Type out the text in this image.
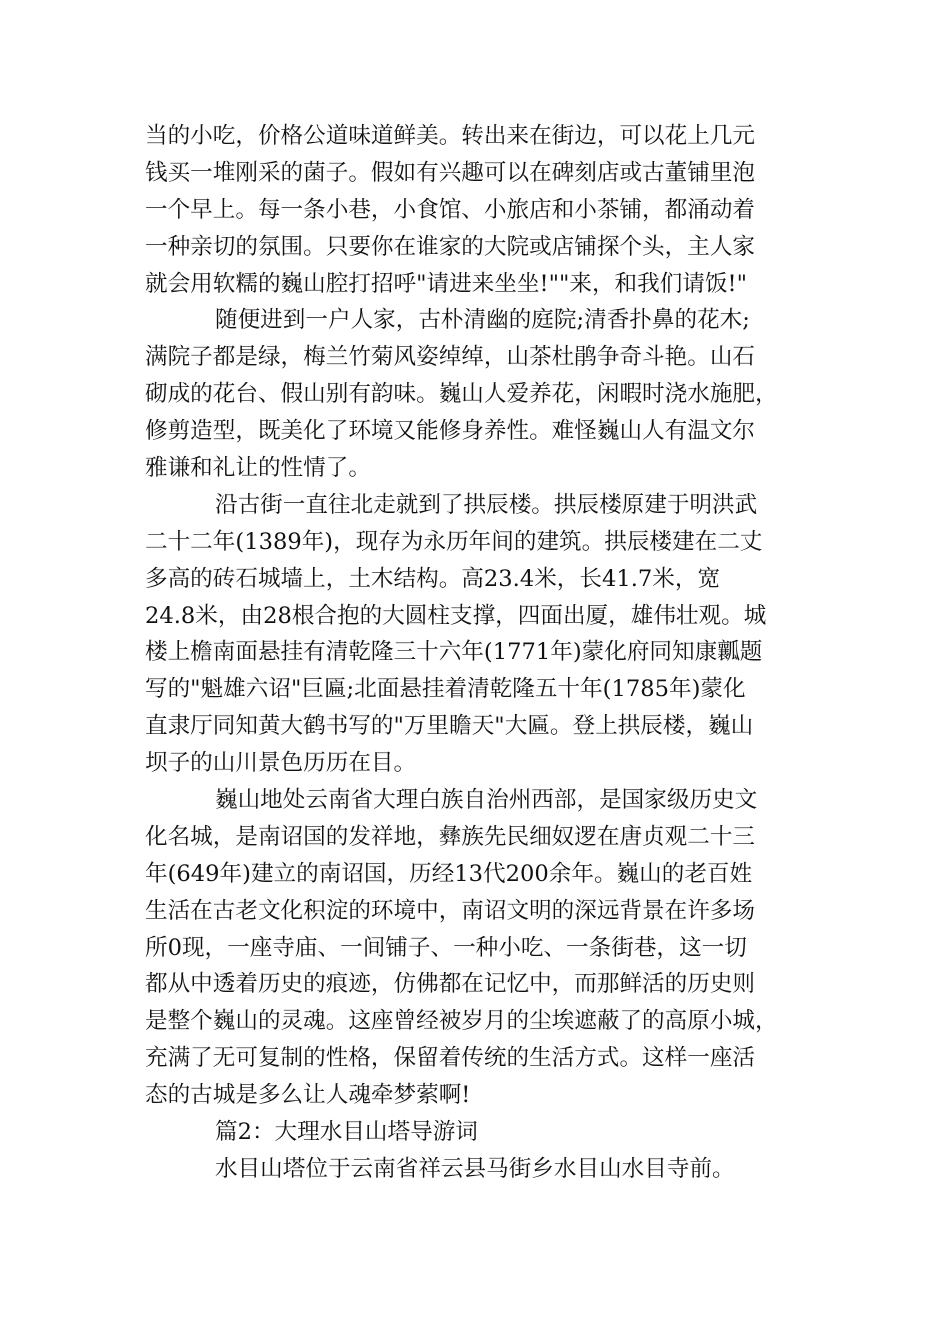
当的小吃，价格公道味道鲜美。转出来在街边，可以花上几元
钱买一堆刚采的菌子。假如有兴趣可以在碑刻店或古董铺里泡
一个早上。每一条小巷，小食馆、小旅店和小茶铺，都涌动着
一种亲切的氛围。只要你在谁家的大院或店铺探个头，主人家
就会用软糯的巍山腔打招呼"请进来坐坐!""来，和我们请饭!"
随便进到一户人家，古朴清幽的庭院;清香扑鼻的花木;
满院子都是绿，梅兰竹菊风姿绰绰，山茶杜鹃争奇斗艳。山石
砌成的花台、假山别有韵味。巍山人爱养花，闲暇时浇水施肥，
修剪造型，既美化了环境又能修身养性。难怪巍山人有温文尔
雅谦和礼让的性情了。
沿古街一直往北走就到了拱辰楼。拱辰楼原建于明洪武
二十二年(1389年)，现存为永历年间的建筑。拱辰楼建在二丈
多高的砖石城墙上，土木结构。高23.4米，长41.7米，宽
24.8米，由28根合抱的大圆柱支撑，四面出厦，雄伟壮观。城
楼上檐南面悬挂有清乾隆三十六年(1771年)蒙化府同知康瓤题
写的"魁雄六诏"巨匾;北面悬挂着清乾隆五十年(1785年)蒙化
直隶厅同知黄大鹤书写的"万里瞻天"大匾。登上拱辰楼，巍山
坝子的山川景色历历在目。
巍山地处云南省大理白族自治州西部，是国家级历史文
化名城，是南诏国的发祥地，彝族先民细奴逻在唐贞观二十三
年(649年)建立的南诏国，历经13代200余年。巍山的老百姓
生活在古老文化积淀的环境中，南诏文明的深远背景在许多场
所0现，一座寺庙、一间铺子、一种小吃、一条街巷，这一切
都从中透着历史的痕迹，仿佛都在记忆中，而那鲜活的历史则
是整个巍山的灵魂。这座曾经被岁月的尘埃遮蔽了的高原小城，
充满了无可复制的性格，保留着传统的生活方式。这样一座活
态的古城是多么让人魂牵梦萦啊!
篇2：大理水目山塔导游词
水目山塔位于云南省祥云县马街乡水目山水目寺前。
